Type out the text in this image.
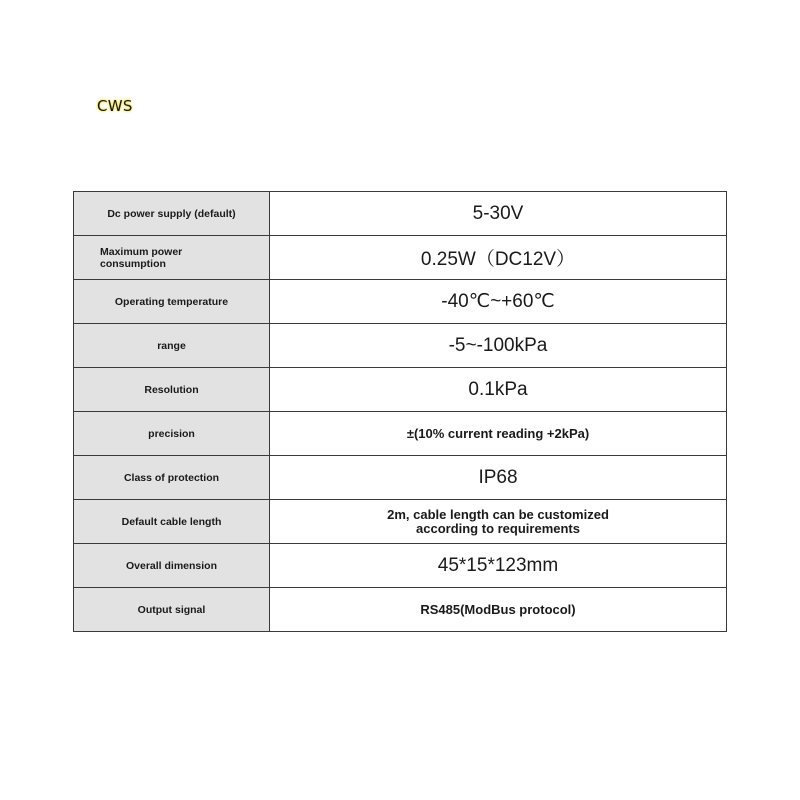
CWS
Dc power supply (default)	5-30V
Maximum power consumption	0.25W（DC12V）
Operating temperature	-40℃~+60℃
range	-5~-100kPa
Resolution	0.1kPa
precision	±(10% current reading +2kPa)
Class of protection	IP68
Default cable length	2m, cable length can be customized according to requirements
Overall dimension	45*15*123mm
Output signal	RS485(ModBus protocol)
